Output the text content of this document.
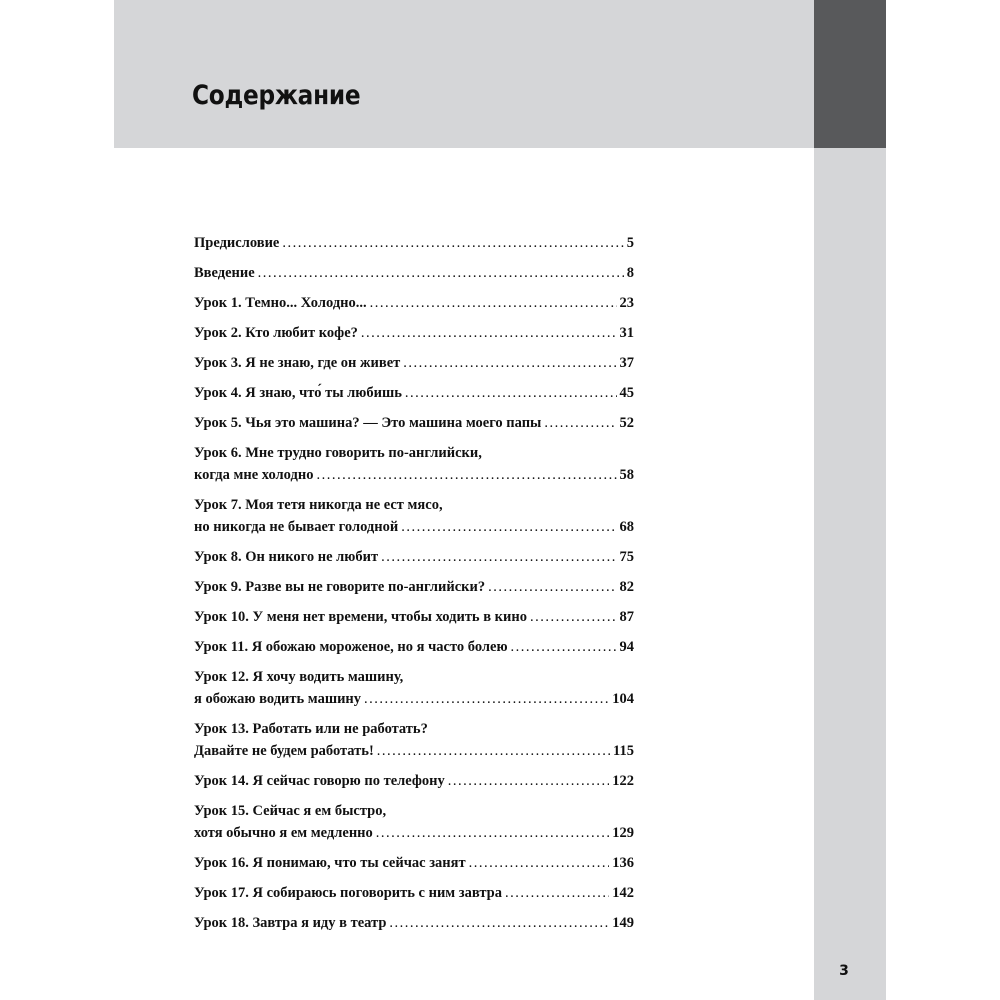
Содержание
Предисловие .....	5
Введение .....	8
Урок 1. Темно... Холодно... .....	23
Урок 2. Кто любит кофе? .....	31
Урок 3. Я не знаю, где он живет .....	37
Урок 4. Я знаю, что́ ты любишь .....	45
Урок 5. Чья это машина? — Это машина моего папы .....	52
Урок 6. Мне трудно говорить по-английски,
когда мне холодно .....	58
Урок 7. Моя тетя никогда не ест мясо,
но никогда не бывает голодной .....	68
Урок 8. Он никого не любит .....	75
Урок 9. Разве вы не говорите по-английски? .....	82
Урок 10. У меня нет времени, чтобы ходить в кино .....	87
Урок 11. Я обожаю мороженое, но я часто болею .....	94
Урок 12. Я хочу водить машину,
я обожаю водить машину .....	104
Урок 13. Работать или не работать?
Давайте не будем работать! .....	115
Урок 14. Я сейчас говорю по телефону .....	122
Урок 15. Сейчас я ем быстро,
хотя обычно я ем медленно .....	129
Урок 16. Я понимаю, что ты сейчас занят .....	136
Урок 17. Я собираюсь поговорить с ним завтра .....	142
Урок 18. Завтра я иду в театр .....	149
3
